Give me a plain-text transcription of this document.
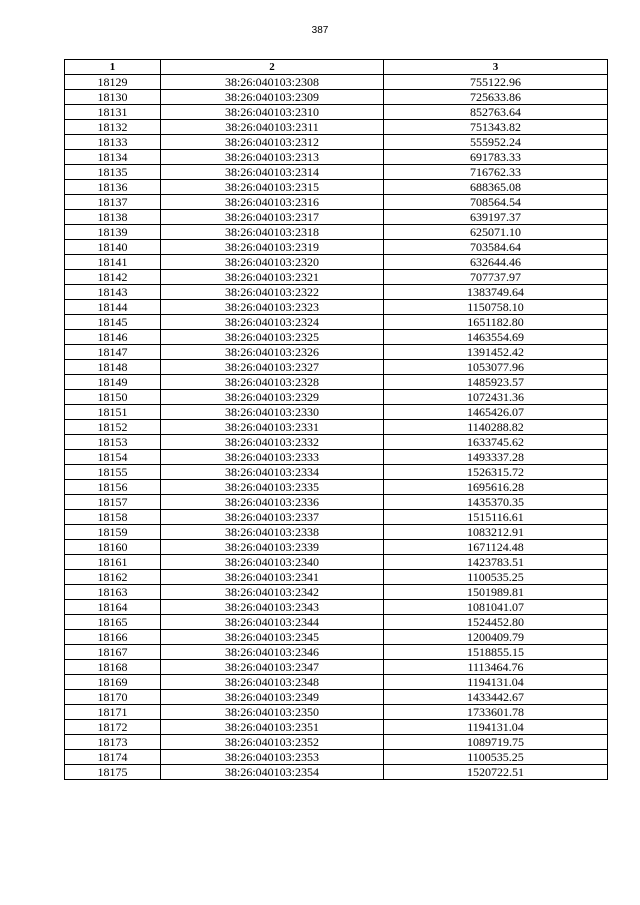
387
1	2	3
18129	38:26:040103:2308	755122.96
18130	38:26:040103:2309	725633.86
18131	38:26:040103:2310	852763.64
18132	38:26:040103:2311	751343.82
18133	38:26:040103:2312	555952.24
18134	38:26:040103:2313	691783.33
18135	38:26:040103:2314	716762.33
18136	38:26:040103:2315	688365.08
18137	38:26:040103:2316	708564.54
18138	38:26:040103:2317	639197.37
18139	38:26:040103:2318	625071.10
18140	38:26:040103:2319	703584.64
18141	38:26:040103:2320	632644.46
18142	38:26:040103:2321	707737.97
18143	38:26:040103:2322	1383749.64
18144	38:26:040103:2323	1150758.10
18145	38:26:040103:2324	1651182.80
18146	38:26:040103:2325	1463554.69
18147	38:26:040103:2326	1391452.42
18148	38:26:040103:2327	1053077.96
18149	38:26:040103:2328	1485923.57
18150	38:26:040103:2329	1072431.36
18151	38:26:040103:2330	1465426.07
18152	38:26:040103:2331	1140288.82
18153	38:26:040103:2332	1633745.62
18154	38:26:040103:2333	1493337.28
18155	38:26:040103:2334	1526315.72
18156	38:26:040103:2335	1695616.28
18157	38:26:040103:2336	1435370.35
18158	38:26:040103:2337	1515116.61
18159	38:26:040103:2338	1083212.91
18160	38:26:040103:2339	1671124.48
18161	38:26:040103:2340	1423783.51
18162	38:26:040103:2341	1100535.25
18163	38:26:040103:2342	1501989.81
18164	38:26:040103:2343	1081041.07
18165	38:26:040103:2344	1524452.80
18166	38:26:040103:2345	1200409.79
18167	38:26:040103:2346	1518855.15
18168	38:26:040103:2347	1113464.76
18169	38:26:040103:2348	1194131.04
18170	38:26:040103:2349	1433442.67
18171	38:26:040103:2350	1733601.78
18172	38:26:040103:2351	1194131.04
18173	38:26:040103:2352	1089719.75
18174	38:26:040103:2353	1100535.25
18175	38:26:040103:2354	1520722.51
